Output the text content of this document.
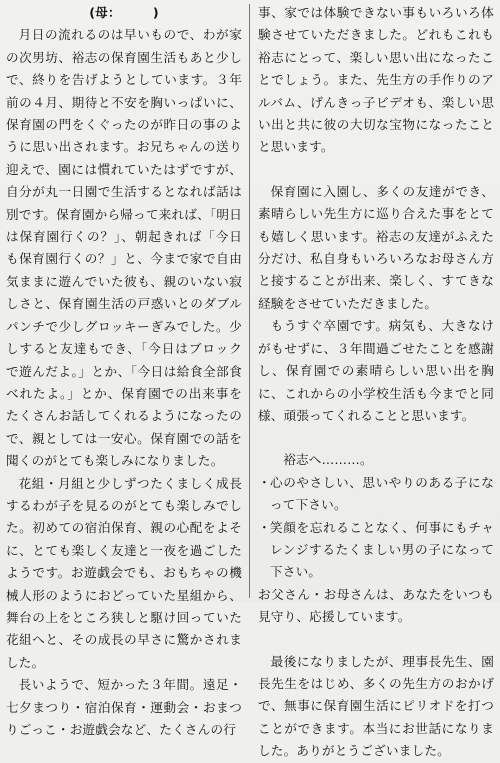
(母：　　　)

月日の流れるのは早いもので、わが家の次男坊、裕志の保育園生活もあと少しで、終りを告げようとしています。３年前の４月、期待と不安を胸いっぱいに、保育園の門をくぐったのが昨日の事のように思い出されます。お兄ちゃんの送り迎えで、園には慣れていたはずですが、自分が丸一日園で生活するとなれば話は別です。保育園から帰って来れば、「明日は保育園行くの？」、朝起きれば「今日も保育園行くの？」と、今まで家で自由気ままに遊んでいた彼も、親のいない寂しさと、保育園生活の戸惑いとのダブルパンチで少しグロッキーぎみでした。少しすると友達もでき、「今日はブロックで遊んだよ。」とか、「今日は給食全部食べれたよ。」とか、保育園での出来事をたくさんお話してくれるようになったので、親としては一安心。保育園での話を聞くのがとても楽しみになりました。

花組・月組と少しずつたくましく成長するわが子を見るのがとても楽しみでした。初めての宿泊保育、親の心配をよそに、とても楽しく友達と一夜を過ごしたようです。お遊戯会でも、おもちゃの機械人形のようにおどっていた星組から、舞台の上をところ狭しと駆け回っていた花組へと、その成長の早さに驚かされました。

長いようで、短かった３年間。遠足・七夕まつり・宿泊保育・運動会・おまつりごっこ・お遊戯会など、たくさんの行

事、家では体験できない事もいろいろ体験させていただきました。どれもこれも裕志にとって、楽しい思い出になったことでしょう。また、先生方の手作りのアルバム、げんきっ子ビデオも、楽しい思い出と共に彼の大切な宝物になったことと思います。

保育園に入園し、多くの友達ができ、素晴らしい先生方に巡り合えた事をとても嬉しく思います。裕志の友達がふえた分だけ、私自身もいろいろなお母さん方と接することが出来、楽しく、すてきな経験をさせていただきました。

もうすぐ卒園です。病気も、大きなけがもせずに、３年間過ごせたことを感謝し、保育園での素晴らしい思い出を胸に、これからの小学校生活も今までと同様、頑張ってくれることと思います。

裕志へ………。

・ 心のやさしい、思いやりのある子になって下さい。
・ 笑顔を忘れることなく、何事にもチャレンジするたくましい男の子になって下さい。

お父さん・お母さんは、あなたをいつも見守り、応援しています。

最後になりましたが、理事長先生、園長先生をはじめ、多くの先生方のおかげで、無事に保育園生活にピリオドを打つことができます。本当にお世話になりました。ありがとうございました。
